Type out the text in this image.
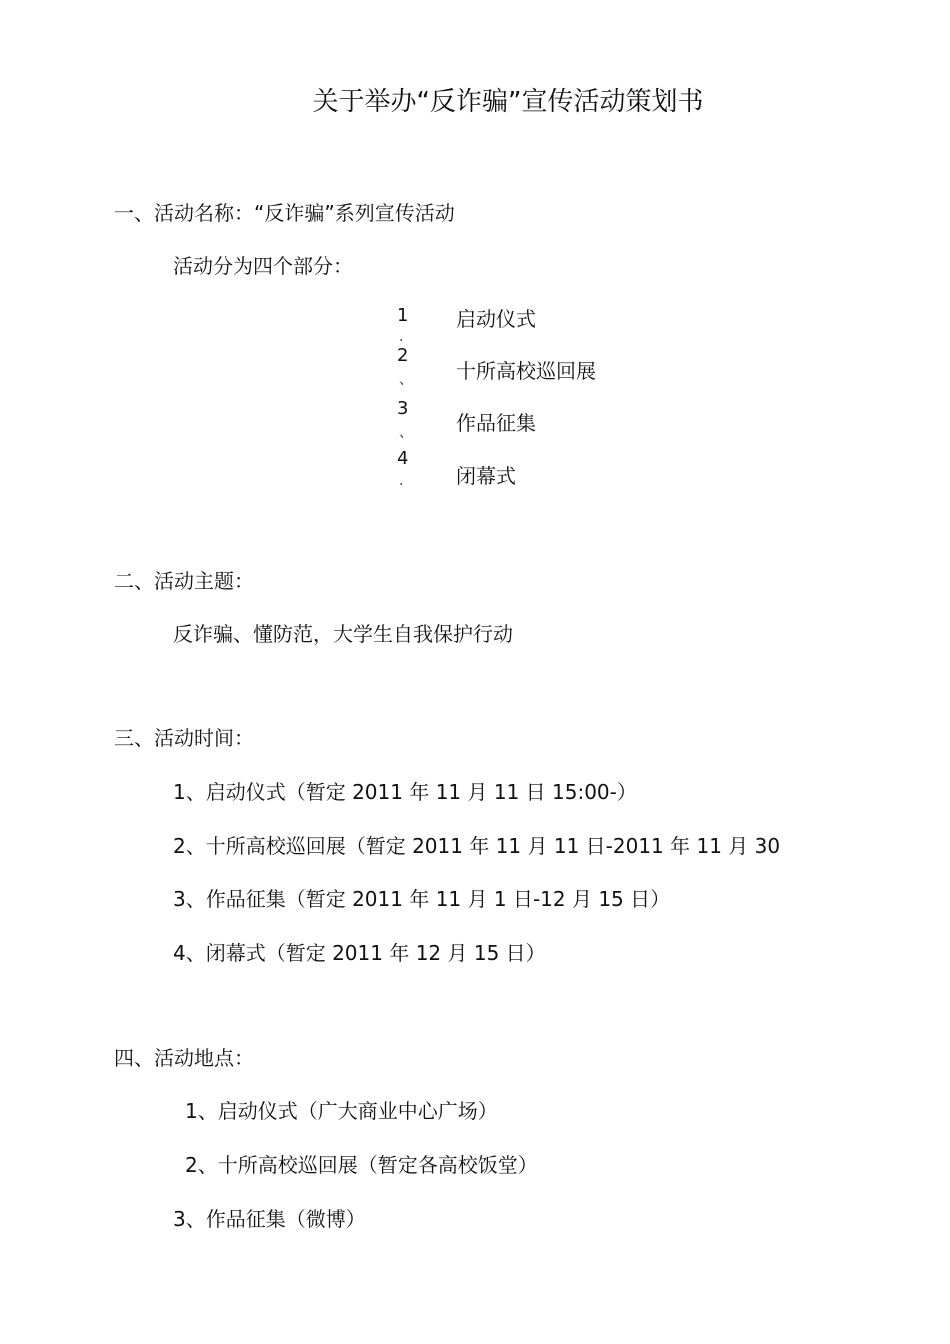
关于举办“反诈骗”宣传活动策划书
一、活动名称：“反诈骗”系列宣传活动
活动分为四个部分：
1
.
启动仪式
2
、 十所高校巡回展
3
、 作品征集
4
.	闭幕式
二、活动主题：
反诈骗、懂防范，大学生自我保护行动
三、活动时间：
1、启动仪式（暂定 2011 年 11 月 11 日 15:00-）
2、十所高校巡回展（暂定 2011 年 11 月 11 日-2011 年 11 月 30
3、作品征集（暂定 2011 年 11 月 1 日-12 月 15 日）
4、闭幕式（暂定 2011 年 12 月 15 日）
四、活动地点：
1、启动仪式（广大商业中心广场）
2、十所高校巡回展（暂定各高校饭堂）
3、作品征集（微博）
